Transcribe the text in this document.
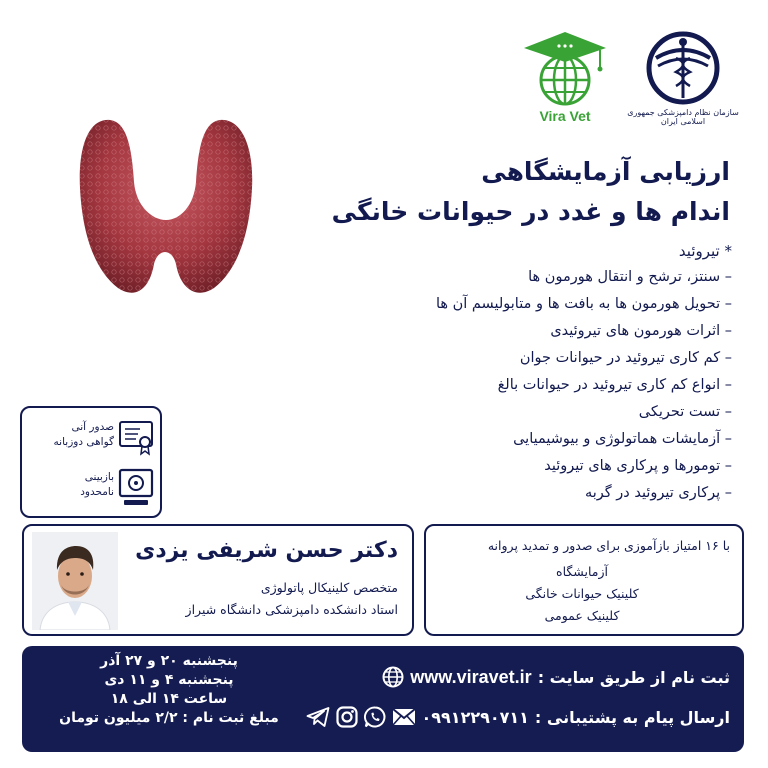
Vira Vet	سازمان نظام دامپزشکی جمهوری اسلامی ایران
ارزیابی آزمایشگاهی
اندام ها و غدد در حیوانات خانگی
* تیروئید
– سنتز، ترشح و انتقال هورمون ها
– تحویل هورمون ها به بافت ها و متابولیسم آن ها
– اثرات هورمون های تیروئیدی
– کم کاری تیروئید در حیوانات جوان
– انواع کم کاری تیروئید در حیوانات بالغ
– تست تحریکی
– آزمایشات هماتولوژی و بیوشیمیایی
– تومورها و پرکاری های تیروئید
– پرکاری تیروئید در گربه
صدور آنی
گواهی دوزبانه
بازبینی
نامحدود
دکتر حسن شریفی یزدی
متخصص کلینیکال پاتولوژی
استاد دانشکده دامپزشکی دانشگاه شیراز
با ۱۶ امتیاز بازآموزی برای صدور و تمدید پروانه
آزمایشگاه
کلینیک حیوانات خانگی
کلینیک عمومی
ثبت نام از طریق سایت :
www.viravet.ir
ارسال پیام به پشتیبانی :
۰۹۹۱۲۲۹۰۷۱۱
پنجشنبه ۲۰ و ۲۷ آذر
پنجشنبه ۴ و ۱۱ دی
ساعت ۱۴ الی ۱۸
مبلغ ثبت نام : ۲/۲ میلیون تومان
